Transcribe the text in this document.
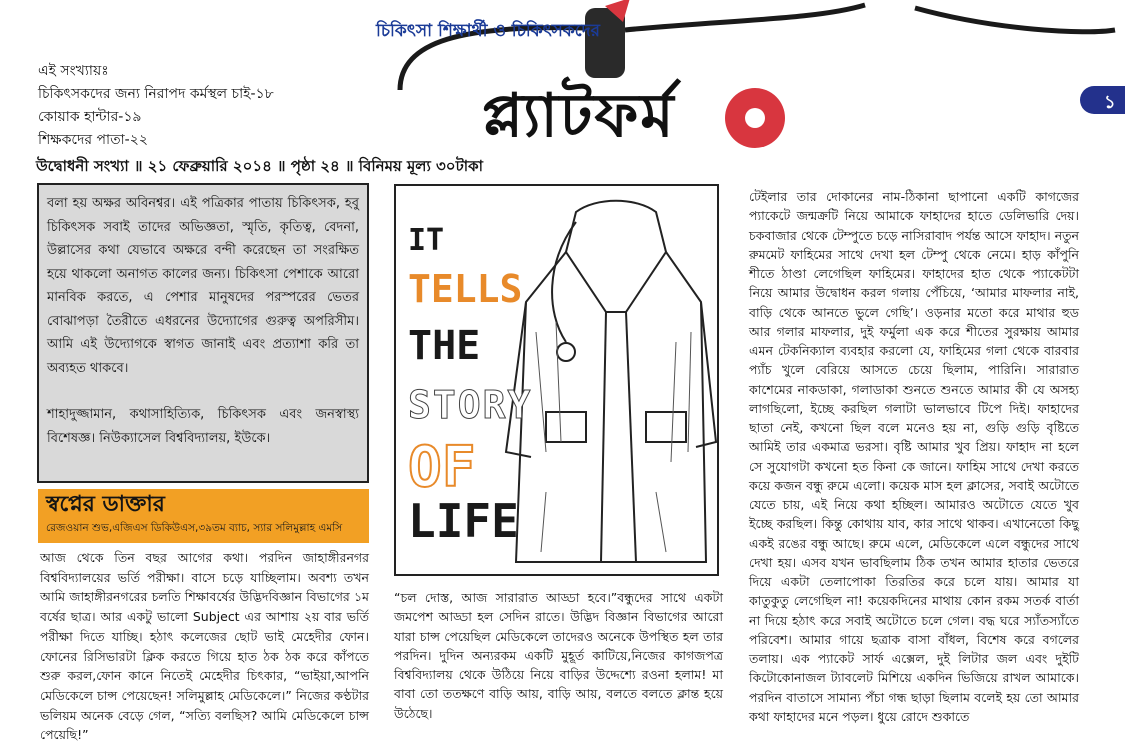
চিকিৎসা শিক্ষার্থী ও চিকিৎসকদের
প্ল্যাটফর্ম	১
এই সংখ্যায়ঃ
চিকিৎসকদের জন্য নিরাপদ কর্মস্থল চাই-১৮
কোয়াক হান্টার-১৯
শিক্ষকদের পাতা-২২
উদ্বোধনী সংখ্যা ॥ ২১ ফেব্রুয়ারি ২০১৪ ॥ পৃষ্ঠা ২৪ ॥ বিনিময় মূল্য ৩০টাকা

বলা হয় অক্ষর অবিনশ্বর। এই পত্রিকার পাতায় চিকিৎসক, হবু চিকিৎসক সবাই তাদের অভিজ্ঞতা, স্মৃতি, কৃতিত্ব, বেদনা, উল্লাসের কথা যেভাবে অক্ষরে বন্দী করেছেন তা সংরক্ষিত হয়ে থাকলো অনাগত কালের জন্য। চিকিৎসা পেশাকে আরো মানবিক করতে, এ পেশার মানুষদের পরস্পরের ভেতর বোঝাপড়া তৈরীতে এধরনের উদ্যোগের গুরুত্ব অপরিসীম। আমি এই উদ্যোগকে স্বাগত জানাই এবং প্রত্যাশা করি তা অব্যহত থাকবে।

শাহাদুজ্জামান, কথাসাহিত্যিক, চিকিৎসক এবং জনস্বাস্থ্য বিশেষজ্ঞ। নিউক্যাসেল বিশ্ববিদ্যালয়, ইউকে।

স্বপ্নের ডাক্তার
রেজওয়ান শুভ,এজিএস ডিকিউএস,৩৯তম ব্যাচ, স্যার সলিমুল্লাহ এমসি
আজ থেকে তিন বছর আগের কথা। পরদিন জাহাঙ্গীরনগর বিশ্ববিদ্যালয়ের ভর্তি পরীক্ষা। বাসে চড়ে যাচ্ছিলাম। অবশ্য তখন আমি জাহাঙ্গীরনগরের চলতি শিক্ষাবর্ষের উদ্ভিদবিজ্ঞান বিভাগের ১ম বর্ষের ছাত্র। আর একটু ভালো Subject এর আশায় ২য় বার ভর্তি পরীক্ষা দিতে যাচ্ছি। হঠাৎ কলেজের ছোট ভাই মেহেদীর ফোন। ফোনের রিসিভারটা ক্লিক করতে গিয়ে হাত ঠক ঠক করে কাঁপতে শুরু করল,ফোন কানে নিতেই মেহেদীর চিৎকার, “ভাইয়া,আপনি মেডিকেলে চান্স পেয়েছেন! সলিমুল্লাহ মেডিকেলে।” নিজের কণ্ঠটার ভলিয়ম অনেক বেড়ে গেল, “সত্যি বলছিস? আমি মেডিকেলে চান্স পেয়েছি!”
IT
TELLS
THE
STORY
OF
LIFE
“চল দোস্ত, আজ সারারাত আড্ডা হবে।”বন্ধুদের সাথে একটা জমপেশ আড্ডা হল সেদিন রাতে। উদ্ভিদ বিজ্ঞান বিভাগের আরো যারা চান্স পেয়েছিল মেডিকেলে তাদেরও অনেকে উপস্থিত হল তার পরদিন। দুদিন অন্যরকম একটি মুহূর্ত কাটিয়ে,নিজের কাগজপত্র বিশ্ববিদ্যালয় থেকে উঠিয়ে নিয়ে বাড়ির উদ্দেশ্যে রওনা হলাম! মা বাবা তো ততক্ষণে বাড়ি আয়, বাড়ি আয়, বলতে বলতে ক্লান্ত হয়ে উঠেছে।
টেইলার তার দোকানের নাম-ঠিকানা ছাপানো একটি কাগজের প্যাকেটে জন্মক্রটি নিয়ে আমাকে ফাহাদের হাতে ডেলিভারি দেয়। চকবাজার থেকে টেম্পুতে চড়ে নাসিরাবাদ পর্যন্ত আসে ফাহাদ। নতুন রুমমেট ফাহিমের সাথে দেখা হল টেম্পু থেকে নেমে। হাড় কাঁপুনি শীতে ঠাণ্ডা লেগেছিল ফাহিমের। ফাহাদের হাত থেকে প্যাকেটটা নিয়ে আমার উদ্বোধন করল গলায় পেঁচিয়ে, ‘আমার মাফলার নাই, বাড়ি থেকে আনতে ভুলে গেছি’। ওড়নার মতো করে মাথার হুড আর গলার মাফলার, দুই ফর্মুলা এক করে শীতের সুরক্ষায় আমার এমন টেকনিক্যাল ব্যবহার করলো যে, ফাহিমের গলা থেকে বারবার প্যাঁচ খুলে বেরিয়ে আসতে চেয়ে ছিলাম, পারিনি। সারারাত কাশেমের নাকডাকা, গলাডাকা শুনতে শুনতে আমার কী যে অসহ্য লাগছিলো, ইচ্ছে করছিল গলাটা ভালভাবে টিপে দিই। ফাহাদের ছাতা নেই, কখনো ছিল বলে মনেও হয় না, গুড়ি গুড়ি বৃষ্টিতে আমিই তার একমাত্র ভরসা। বৃষ্টি আমার খুব প্রিয়। ফাহাদ না হলে সে সুযোগটা কখনো হত কিনা কে জানে। ফাহিম সাথে দেখা করতে কয়ে কজন বন্ধু রুমে এলো। কয়েক মাস হল ক্লাসের, সবাই অটোতে যেতে চায়, এই নিয়ে কথা হচ্ছিল। আমারও অটোতে যেতে খুব ইচ্ছে করছিল। কিন্তু কোথায় যাব, কার সাথে থাকব। এখানেতো কিছু একই রঙের বন্ধু আছে। রুমে এলে, মেডিকেলে এলে বন্ধুদের সাথে দেখা হয়। এসব যখন ভাবছিলাম ঠিক তখন আমার হাতার ভেতরে দিয়ে একটা তেলাপোকা তিরতির করে চলে যায়। আমার যা কাতুকুতু লেগেছিল না! কয়েকদিনের মাথায় কোন রকম সতর্ক বার্তা না দিয়ে হঠাৎ করে সবাই অটোতে চলে গেল। বদ্ধ ঘরে স্যাঁতস্যাঁতে পরিবেশ। আমার গায়ে ছত্রাক বাসা বাঁধল, বিশেষ করে বগলের তলায়। এক প্যাকেট সার্ফ এক্সেল, দুই লিটার জল এবং দুইটি কিটোকোনাজল ট্যাবলেট মিশিয়ে একদিন ভিজিয়ে রাখল আমাকে। পরদিন বাতাসে সামান্য পঁচা গন্ধ ছাড়া ছিলাম বলেই হয় তো আমার কথা ফাহাদের মনে পড়ল। ধুয়ে রোদে শুকাতে
